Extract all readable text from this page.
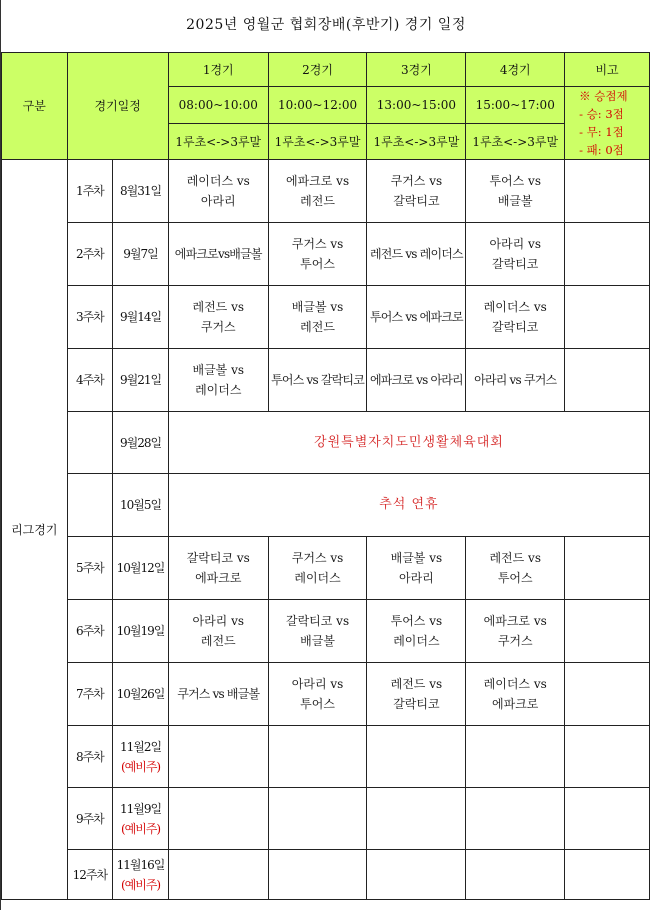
2025년 영월군 협회장배(후반기) 경기 일정
구분	경기일정		1경기	2경기	3경기	4경기	비고
			08:00~10:00	10:00~12:00	13:00~15:00	15:00~17:00	※ 승점제
- 승: 3점
- 무: 1점
- 패: 0점

			1루초<->3루말	1루초<->3루말	1루초<->3루말	1루초<->3루말	
리그경기	1주차	8월31일	레이더스 vs
아라리	에파크로 vs
레전드	쿠거스 vs
갈락티코	투어스 vs
배글볼	

	2주차	9월7일	에파크로vs배글볼	쿠거스 vs
투어스	레전드 vs 레이더스	아라리 vs
갈락티코	

	3주차	9월14일	레전드 vs
쿠거스	배글볼 vs
레전드	투어스 vs 에파크로	레이더스 vs
갈락티코	

	4주차	9월21일	배글볼 vs
레이더스	투어스 vs 갈락티코	에파크로 vs 아라리	아라리 vs 쿠거스	

		9월28일	강원특별자치도민생활체육대회				

		10월5일	추석 연휴				
	5주차	10월12일	갈락티코 vs
에파크로	쿠거스 vs
레이더스	배글볼 vs
아라리	레전드 vs
투어스	

	6주차	10월19일	아라리 vs
레전드	갈락티코 vs
배글볼	투어스 vs
레이더스	에파크로 vs
쿠거스	

	7주차	10월26일	쿠거스 vs 배글볼	아라리 vs
투어스	레전드 vs
갈락티코	레이더스 vs
에파크로	

	8주차	11월2일
(예비주)					

	9주차	11월9일
(예비주)					

	12주차	11월16일
(예비주)					
